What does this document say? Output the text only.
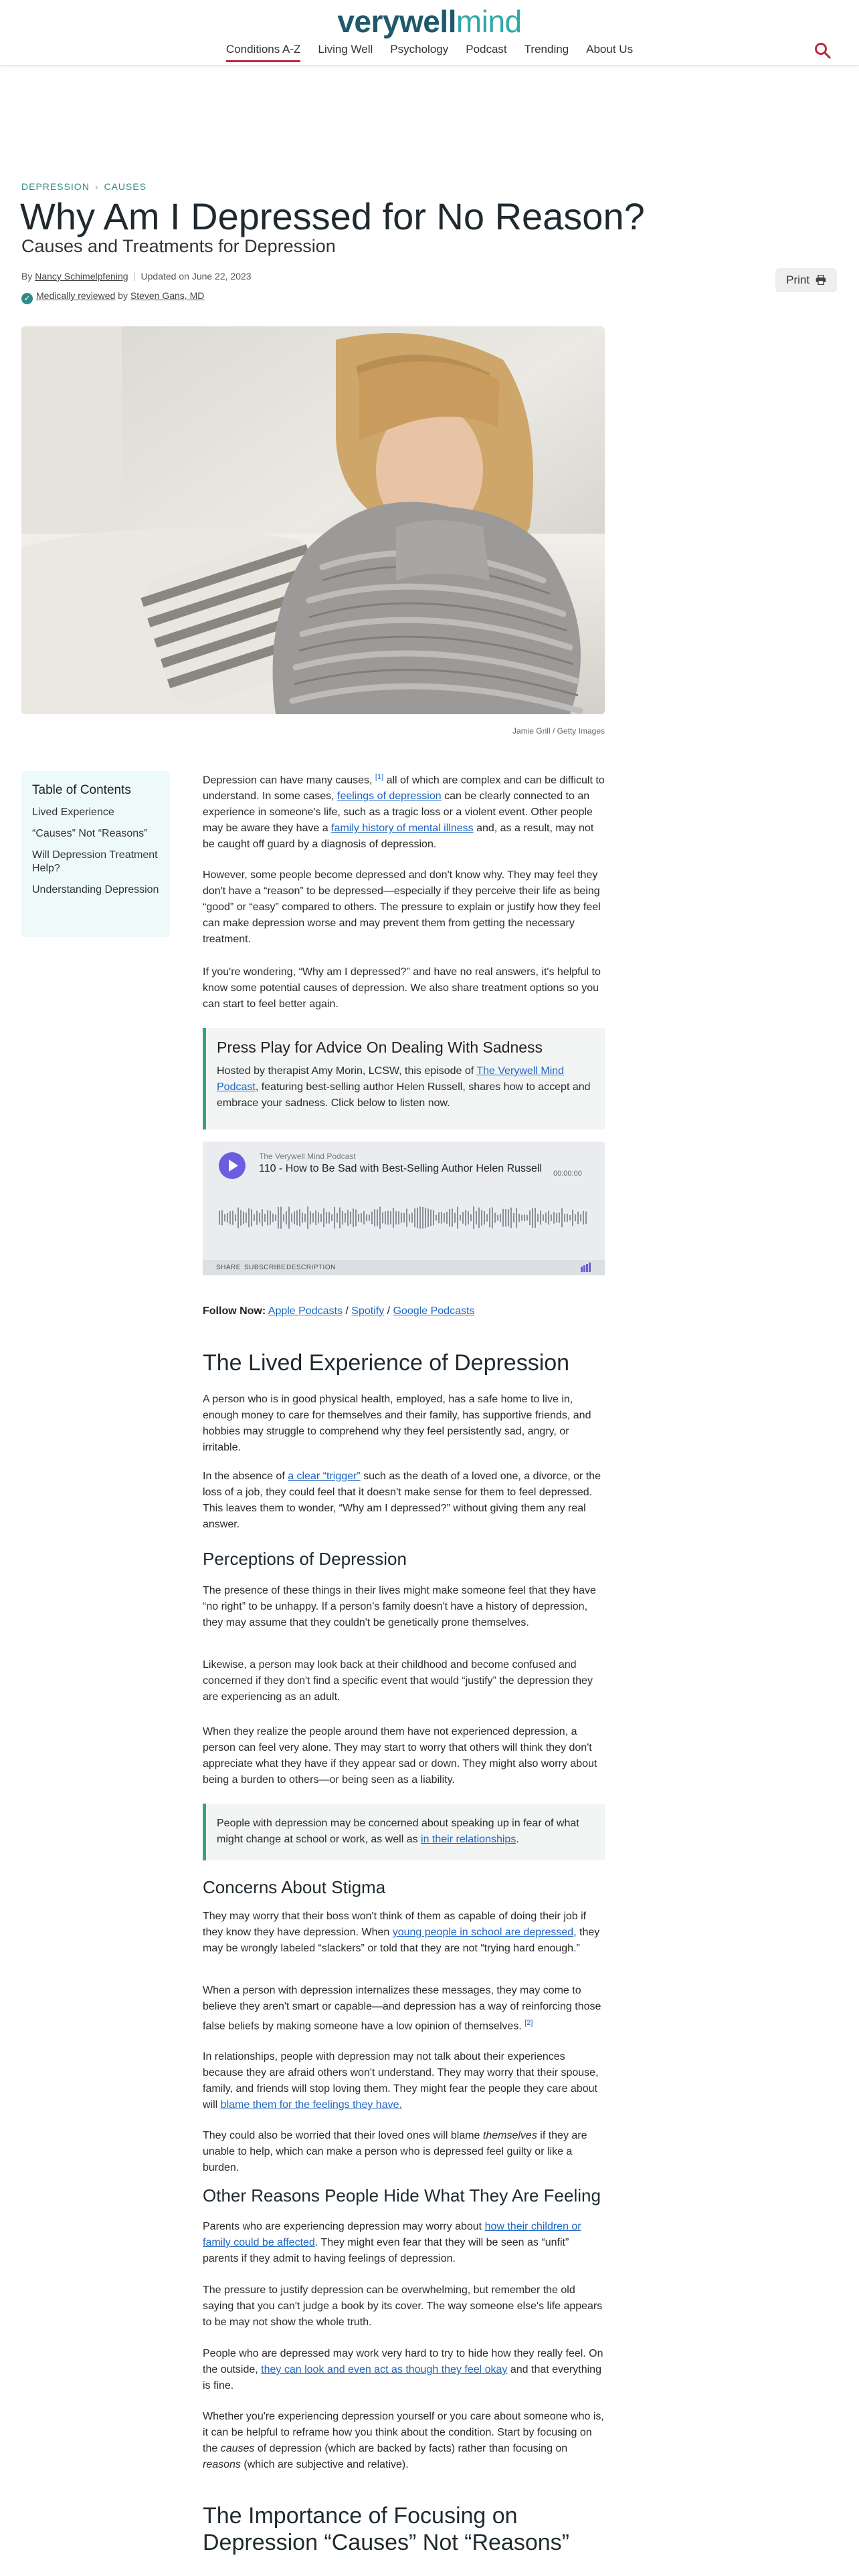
verywellmind
Conditions A-Z Living Well Psychology Podcast Trending About Us
DEPRESSION › CAUSES
Why Am I Depressed for No Reason?
Causes and Treatments for Depression
By Nancy Schimelpfening Updated on June 22, 2023
✓ Medically reviewed by Steven Gans, MD
Print
Jamie Grill / Getty Images
Table of Contents
Lived Experience
“Causes” Not “Reasons”
Will Depression Treatment Help?
Understanding Depression

Depression can have many causes, [1] all of which are complex and can be difficult to understand. In some cases, feelings of depression can be clearly connected to an experience in someone's life, such as a tragic loss or a violent event. Other people may be aware they have a family history of mental illness and, as a result, may not be caught off guard by a diagnosis of depression.

However, some people become depressed and don't know why. They may feel they don't have a “reason” to be depressed—especially if they perceive their life as being “good” or “easy” compared to others. The pressure to explain or justify how they feel can make depression worse and may prevent them from getting the necessary treatment.

If you're wondering, “Why am I depressed?” and have no real answers, it's helpful to know some potential causes of depression. We also share treatment options so you can start to feel better again.

Press Play for Advice On Dealing With Sadness

Hosted by therapist Amy Morin, LCSW, this episode of The Verywell Mind Podcast, featuring best-selling author Helen Russell, shares how to accept and embrace your sadness. Click below to listen now.

The Verywell Mind Podcast
110 - How to Be Sad with Best-Selling Author Helen Russell 00:00:00
SHARE SUBSCRIBE DESCRIPTION
Follow Now: Apple Podcasts / Spotify / Google Podcasts
The Lived Experience of Depression

A person who is in good physical health, employed, has a safe home to live in, enough money to care for themselves and their family, has supportive friends, and hobbies may struggle to comprehend why they feel persistently sad, angry, or irritable.

In the absence of a clear “trigger” such as the death of a loved one, a divorce, or the loss of a job, they could feel that it doesn't make sense for them to feel depressed. This leaves them to wonder, “Why am I depressed?” without giving them any real answer.

Perceptions of Depression

The presence of these things in their lives might make someone feel that they have “no right” to be unhappy. If a person's family doesn't have a history of depression, they may assume that they couldn't be genetically prone themselves.

Likewise, a person may look back at their childhood and become confused and concerned if they don't find a specific event that would “justify” the depression they are experiencing as an adult.

When they realize the people around them have not experienced depression, a person can feel very alone. They may start to worry that others will think they don't appreciate what they have if they appear sad or down. They might also worry about being a burden to others—or being seen as a liability.

People with depression may be concerned about speaking up in fear of what might change at school or work, as well as in their relationships.

Concerns About Stigma

They may worry that their boss won't think of them as capable of doing their job if they know they have depression. When young people in school are depressed, they may be wrongly labeled “slackers” or told that they are not “trying hard enough.”

When a person with depression internalizes these messages, they may come to believe they aren't smart or capable—and depression has a way of reinforcing those false beliefs by making someone have a low opinion of themselves. [2]

In relationships, people with depression may not talk about their experiences because they are afraid others won't understand. They may worry that their spouse, family, and friends will stop loving them. They might fear the people they care about will blame them for the feelings they have.

They could also be worried that their loved ones will blame themselves if they are unable to help, which can make a person who is depressed feel guilty or like a burden.

Other Reasons People Hide What They Are Feeling

Parents who are experiencing depression may worry about how their children or family could be affected. They might even fear that they will be seen as “unfit” parents if they admit to having feelings of depression.

The pressure to justify depression can be overwhelming, but remember the old saying that you can't judge a book by its cover. The way someone else's life appears to be may not show the whole truth.

People who are depressed may work very hard to try to hide how they really feel. On the outside, they can look and even act as though they feel okay and that everything is fine.

Whether you're experiencing depression yourself or you care about someone who is, it can be helpful to reframe how you think about the condition. Start by focusing on the causes of depression (which are backed by facts) rather than focusing on reasons (which are subjective and relative).

The Importance of Focusing on Depression “Causes” Not “Reasons”
